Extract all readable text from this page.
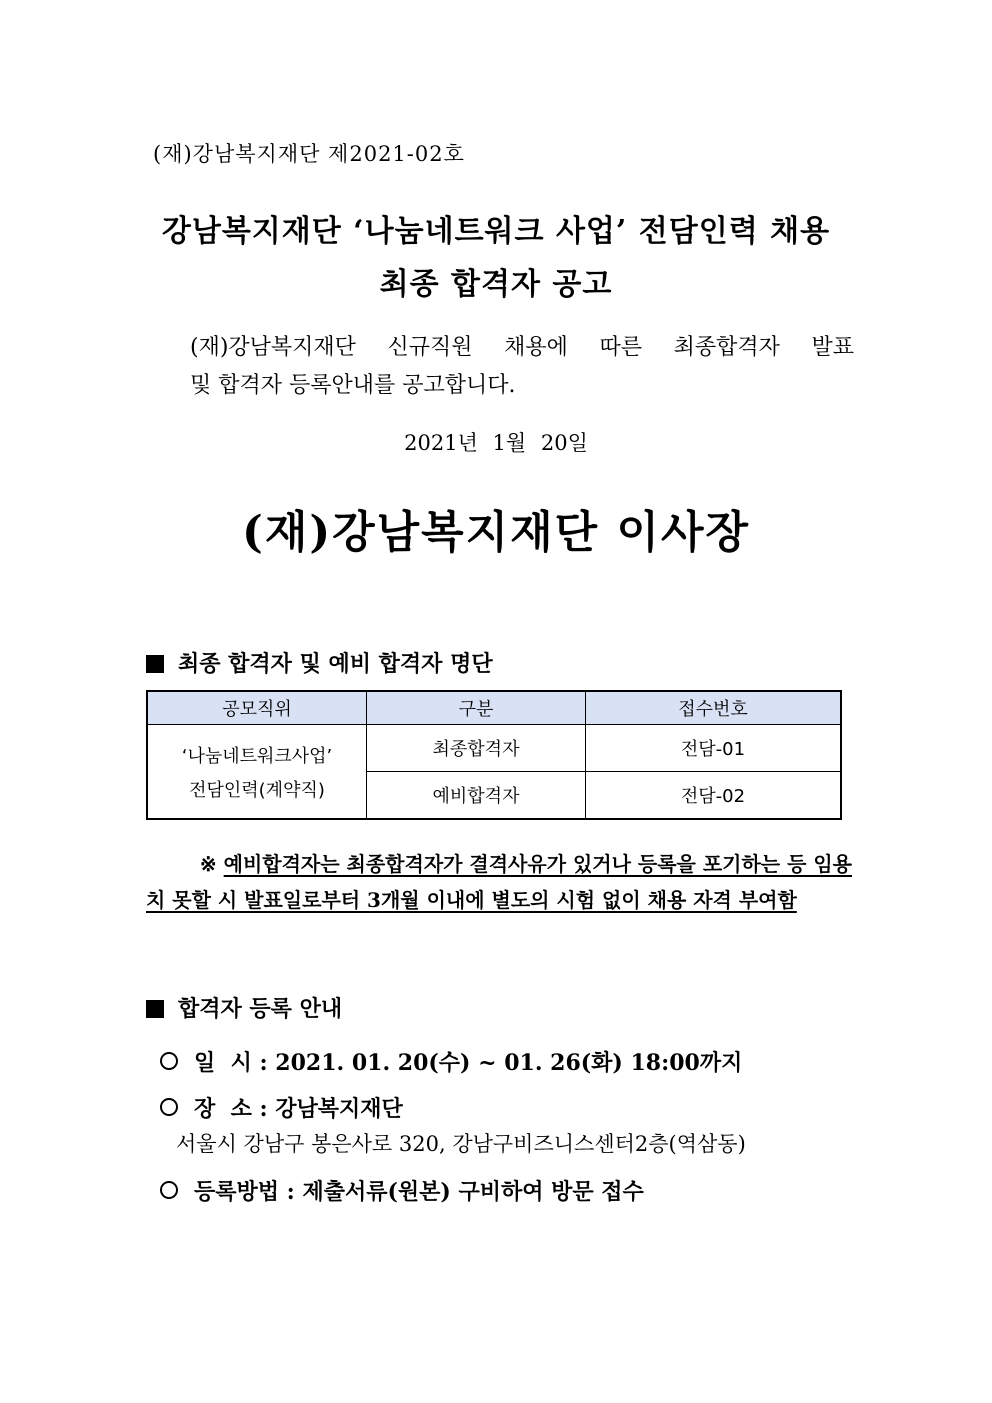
(재)강남복지재단 제2021-02호
강남복지재단 ‘나눔네트워크 사업’ 전담인력 채용
최종 합격자 공고
(재)강남복지재단 신규직원 채용에 따른 최종합격자 발표
및 합격자 등록안내를 공고합니다.
2021년 1월 20일
(재)강남복지재단 이사장
최종 합격자 및 예비 합격자 명단
공모직위	구분	접수번호

‘나눔네트워크사업’
전담인력(계약직)	최종합격자	전담-01
	예비합격자	전담-02
※ 예비합격자는 최종합격자가 결격사유가 있거나 등록을 포기하는 등 임용
치 못할 시 발표일로부터 3개월 이내에 별도의 시험 없이 채용 자격 부여함
합격자 등록 안내
일  시 : 2021. 01. 20(수) ~ 01. 26(화) 18:00까지
장  소 : 강남복지재단
서울시 강남구 봉은사로 320, 강남구비즈니스센터2층(역삼동)
등록방법 : 제출서류(원본) 구비하여 방문 접수
